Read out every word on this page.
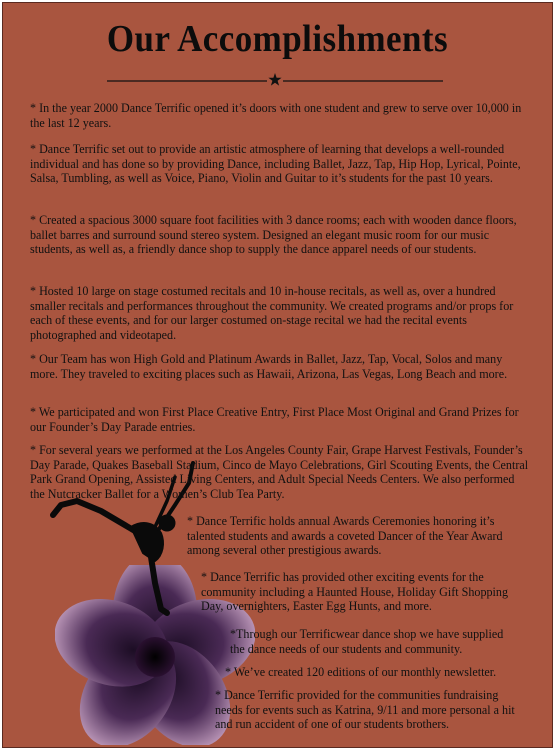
Our Accomplishments

* In the year 2000 Dance Terrific opened it’s doors with one student and grew to serve over 10,000 in the last 12 years.

* Dance Terrific set out to provide an artistic atmosphere of learning that develops a well-rounded individual and has done so by providing Dance, including Ballet, Jazz, Tap, Hip Hop, Lyrical, Pointe, Salsa, Tumbling, as well as Voice, Piano, Violin and Guitar to it’s students for the past 10 years.

* Created a spacious 3000 square foot facilities with 3 dance rooms; each with wooden dance floors, ballet barres and surround sound stereo system. Designed an elegant music room for our music students, as well as, a friendly dance shop to supply the dance apparel needs of our students.

* Hosted 10 large on stage costumed recitals and 10 in-house recitals, as well as, over a hundred smaller recitals and performances throughout the community. We created programs and/or props for each of these events, and for our larger costumed on-stage recital we had the recital events photographed and videotaped.

* Our Team has won High Gold and Platinum Awards in Ballet, Jazz, Tap, Vocal, Solos and many more. They traveled to exciting places such as Hawaii, Arizona, Las Vegas, Long Beach and more.

* We participated and won First Place Creative Entry, First Place Most Original and Grand Prizes for our Founder’s Day Parade entries.

* For several years we performed at the Los Angeles County Fair, Grape Harvest Festivals, Founder’s Day Parade, Quakes Baseball Stadium, Cinco de Mayo Celebrations, Girl Scouting Events, the Central Park Grand Opening, Assisted Living Centers, and Adult Special Needs Centers. We also performed the Nutcracker Ballet for a Women’s Club Tea Party.

* Dance Terrific holds annual Awards Ceremonies honoring it’s talented students and awards a coveted Dancer of the Year Award among several other prestigious awards.

* Dance Terrific has provided other exciting events for the community including a Haunted House, Holiday Gift Shopping Day, overnighters, Easter Egg Hunts, and more.

*Through our Terrificwear dance shop we have supplied the dance needs of our students and community.

* We’ve created 120 editions of our monthly newsletter.

* Dance Terrific provided for the communities fundraising needs for events such as Katrina, 9/11 and more personal a hit and run accident of one of our students brothers.
